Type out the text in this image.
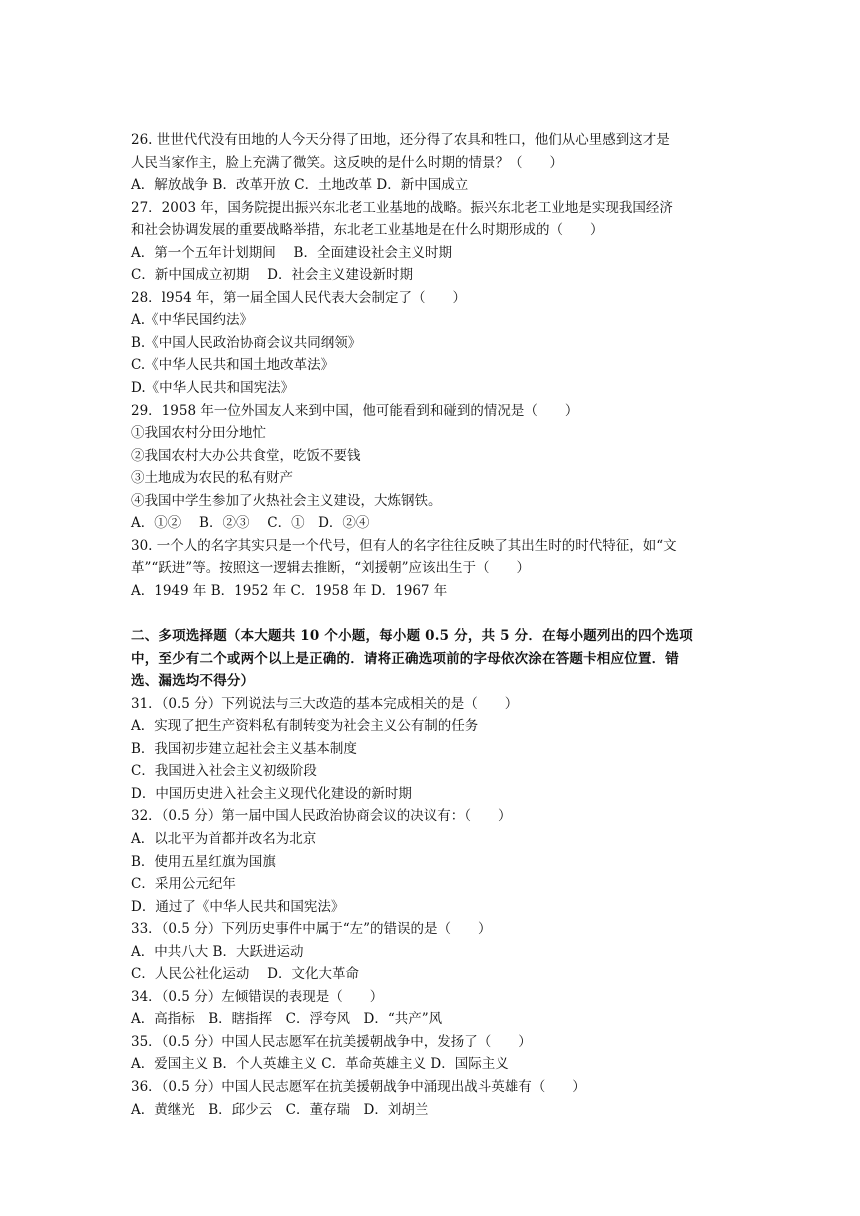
26. 世世代代没有田地的人今天分得了田地，还分得了农具和牲口，他们从心里感到这才是
人民当家作主，脸上充满了微笑。这反映的是什么时期的情景？（　　）
A．解放战争 B．改革开放 C．土地改革 D．新中国成立
27．2003 年，国务院提出振兴东北老工业基地的战略。振兴东北老工业地是实现我国经济
和社会协调发展的重要战略举措，东北老工业基地是在什么时期形成的（　　）
A．第一个五年计划期间　 B．全面建设社会主义时期
C．新中国成立初期　 D．社会主义建设新时期
28．l954 年，第一届全国人民代表大会制定了（　　）
A.《中华民国约法》
B.《中国人民政治协商会议共同纲领》
C.《中华人民共和国土地改革法》
D.《中华人民共和国宪法》
29．1958 年一位外国友人来到中国，他可能看到和碰到的情况是（　　）
①我国农村分田分地忙
②我国农村大办公共食堂，吃饭不要钱
③土地成为农民的私有财产
④我国中学生参加了火热社会主义建设，大炼钢铁。
A．①②　 B．②③　 C．①　D．②④
30. 一个人的名字其实只是一个代号，但有人的名字往往反映了其出生时的时代特征，如“文
革”“跃进”等。按照这一逻辑去推断，“刘援朝”应该出生于（　　）
A．1949 年 B．1952 年 C．1958 年 D．1967 年
二、多项选择题（本大题共 10 个小题，每小题 0.5 分，共 5 分．在每小题列出的四个选项
中，至少有二个或两个以上是正确的．请将正确选项前的字母依次涂在答题卡相应位置．错
选、漏选均不得分）
31．（0.5 分）下列说法与三大改造的基本完成相关的是（　　）
A．实现了把生产资料私有制转变为社会主义公有制的任务
B．我国初步建立起社会主义基本制度
C．我国进入社会主义初级阶段
D．中国历史进入社会主义现代化建设的新时期
32．（0.5 分）第一届中国人民政治协商会议的决议有：（　　）
A．以北平为首都并改名为北京
B．使用五星红旗为国旗
C．采用公元纪年
D．通过了《中华人民共和国宪法》
33．（0.5 分）下列历史事件中属于“左”的错误的是（　　）
A．中共八大 B．大跃进运动
C．人民公社化运动　 D．文化大革命
34．（0.5 分）左倾错误的表现是（　　）
A．高指标　B．瞎指挥　C．浮夸风　D．“共产”风
35．（0.5 分）中国人民志愿军在抗美援朝战争中，发扬了（　　）
A．爱国主义 B．个人英雄主义 C．革命英雄主义 D．国际主义
36．（0.5 分）中国人民志愿军在抗美援朝战争中涌现出战斗英雄有（　　）
A．黄继光　B．邱少云　C．董存瑞　D．刘胡兰
